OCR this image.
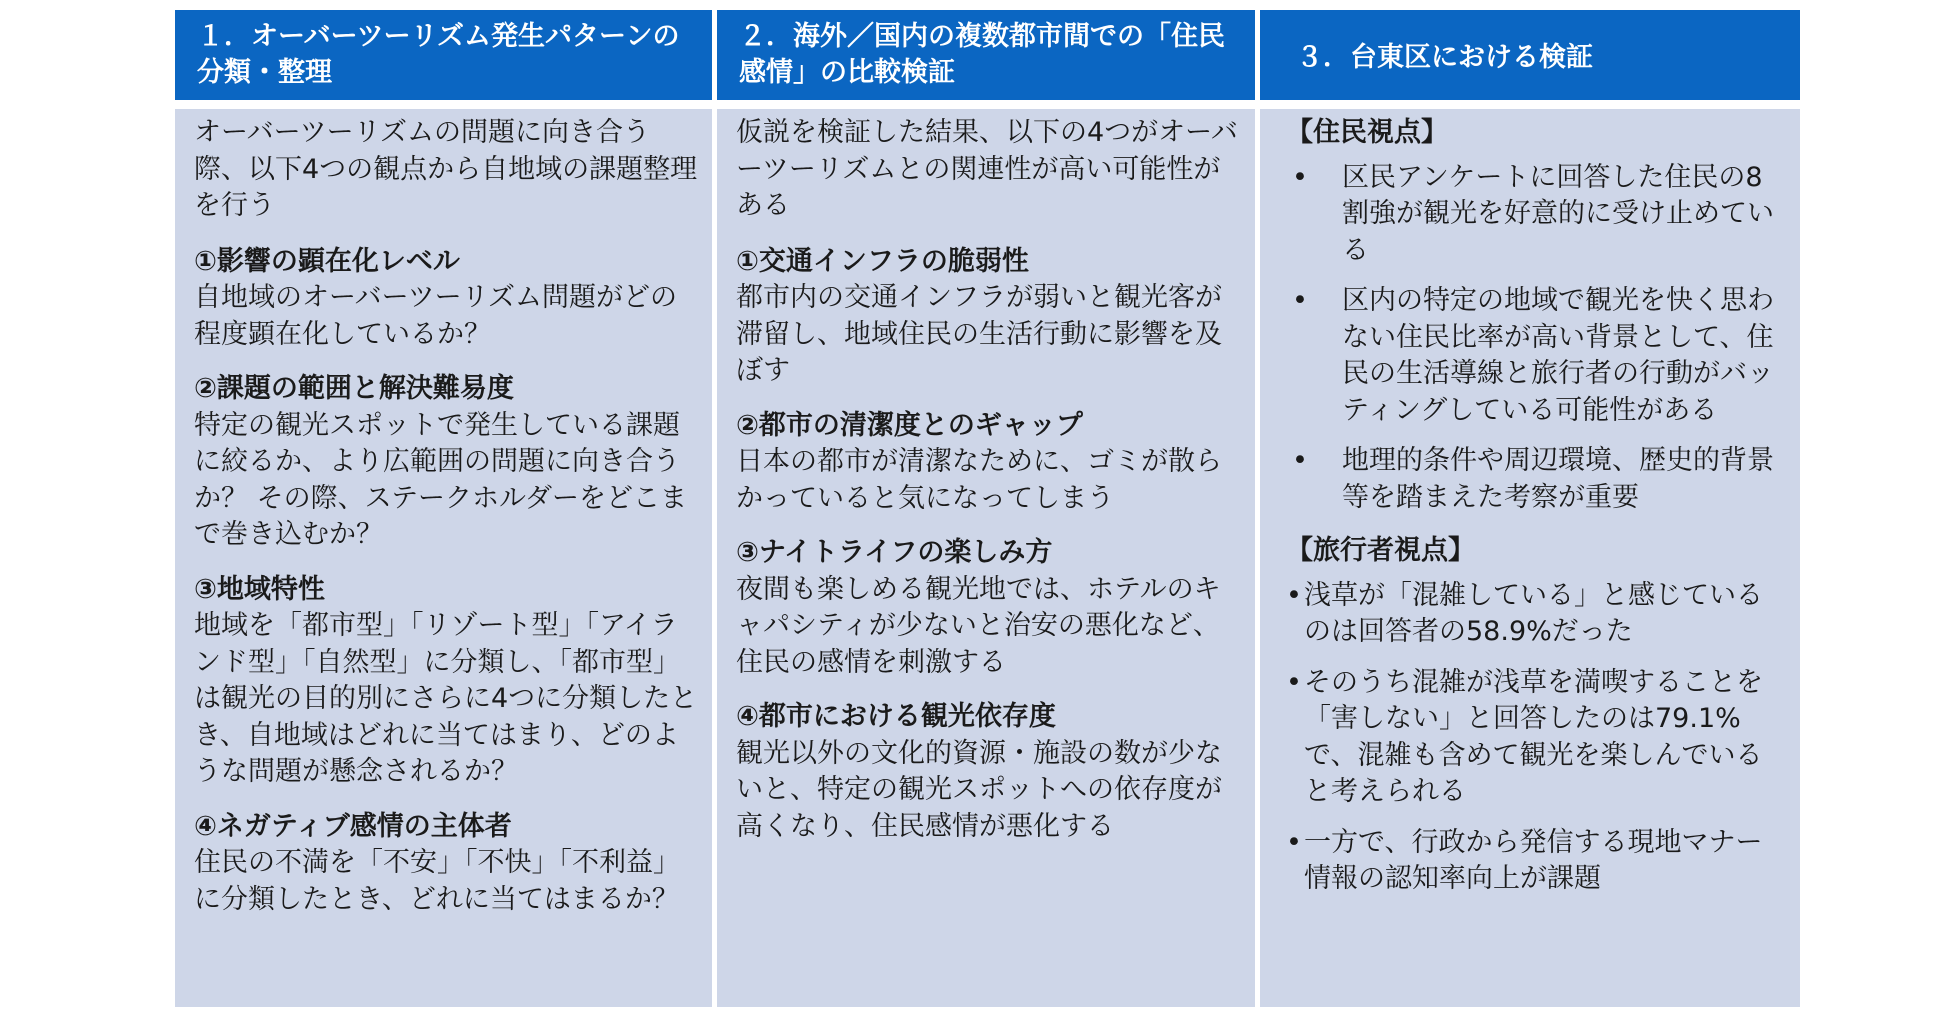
１．オーバーツーリズム発生パターンの分類・整理
２．海外／国内の複数都市間での「住民感情」の比較検証	３．台東区における検証

オーバーツーリズムの問題に向き合う際、以下4つの観点から自地域の課題整理を行う

①影響の顕在化レベル
自地域のオーバーツーリズム問題がどの程度顕在化しているか？
②課題の範囲と解決難易度
特定の観光スポットで発生している課題に絞るか、より広範囲の問題に向き合うか？ その際、ステークホルダーをどこまで巻き込むか？
③地域特性
地域を「都市型」「リゾート型」「アイランド型」「自然型」に分類し、「都市型」は観光の目的別にさらに4つに分類したとき、自地域はどれに当てはまり、どのような問題が懸念されるか？
④ネガティブ感情の主体者
住民の不満を「不安」「不快」「不利益」に分類したとき、どれに当てはまるか？

仮説を検証した結果、以下の4つがオーバーツーリズムとの関連性が高い可能性がある

①交通インフラの脆弱性
都市内の交通インフラが弱いと観光客が滞留し、地域住民の生活行動に影響を及ぼす
②都市の清潔度とのギャップ
日本の都市が清潔なために、ゴミが散らかっていると気になってしまう
③ナイトライフの楽しみ方
夜間も楽しめる観光地では、ホテルのキャパシティが少ないと治安の悪化など、住民の感情を刺激する
④都市における観光依存度
観光以外の文化的資源・施設の数が少ないと、特定の観光スポットへの依存度が高くなり、住民感情が悪化する
【住民視点】
• 区民アンケートに回答した住民の8割強が観光を好意的に受け止めている
• 区内の特定の地域で観光を快く思わない住民比率が高い背景として、住民の生活導線と旅行者の行動がバッティングしている可能性がある
• 地理的条件や周辺環境、歴史的背景等を踏まえた考察が重要
【旅行者視点】
• 浅草が「混雑している」と感じているのは回答者の58.9%だった
• そのうち混雑が浅草を満喫することを「害しない」と回答したのは79.1%で、混雑も含めて観光を楽しんでいると考えられる
• 一方で、行政から発信する現地マナー情報の認知率向上が課題
